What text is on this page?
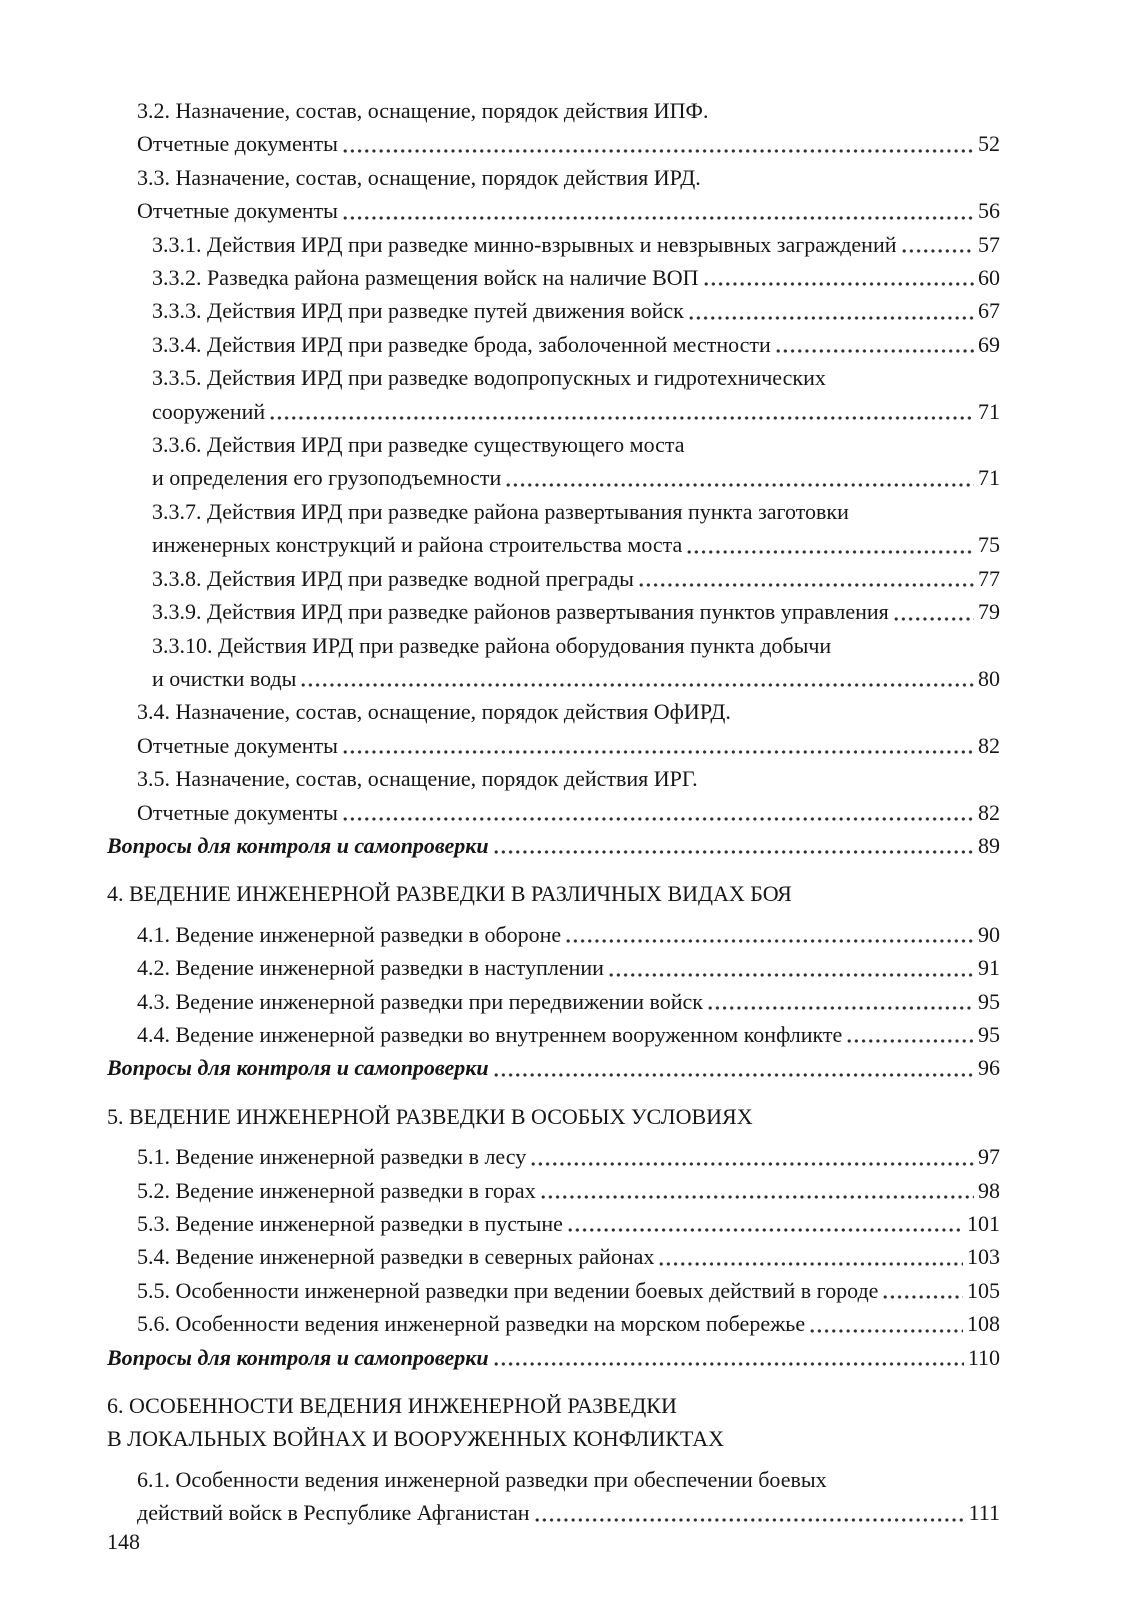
3.2. Назначение, состав, оснащение, порядок действия ИПФ.
Отчетные документы	52
3.3. Назначение, состав, оснащение, порядок действия ИРД.
Отчетные документы	56
3.3.1. Действия ИРД при разведке минно-взрывных и невзрывных заграждений	57
3.3.2. Разведка района размещения войск на наличие ВОП	60
3.3.3. Действия ИРД при разведке путей движения войск	67
3.3.4. Действия ИРД при разведке брода, заболоченной местности	69
3.3.5. Действия ИРД при разведке водопропускных и гидротехнических
сооружений	71
3.3.6. Действия ИРД при разведке существующего моста
и определения его грузоподъемности	71
3.3.7. Действия ИРД при разведке района развертывания пункта заготовки
инженерных конструкций и района строительства моста	75
3.3.8. Действия ИРД при разведке водной преграды	77
3.3.9. Действия ИРД при разведке районов развертывания пунктов управления	79
3.3.10. Действия ИРД при разведке района оборудования пункта добычи
и очистки воды	80
3.4. Назначение, состав, оснащение, порядок действия ОфИРД.
Отчетные документы	82
3.5. Назначение, состав, оснащение, порядок действия ИРГ.
Отчетные документы	82
Вопросы для контроля и самопроверки	89
4. ВЕДЕНИЕ ИНЖЕНЕРНОЙ РАЗВЕДКИ В РАЗЛИЧНЫХ ВИДАХ БОЯ
4.1. Ведение инженерной разведки в обороне	90
4.2. Ведение инженерной разведки в наступлении	91
4.3. Ведение инженерной разведки при передвижении войск	95
4.4. Ведение инженерной разведки во внутреннем вооруженном конфликте	95
Вопросы для контроля и самопроверки	96
5. ВЕДЕНИЕ ИНЖЕНЕРНОЙ РАЗВЕДКИ В ОСОБЫХ УСЛОВИЯХ
5.1. Ведение инженерной разведки в лесу	97
5.2. Ведение инженерной разведки в горах	98
5.3. Ведение инженерной разведки в пустыне	101
5.4. Ведение инженерной разведки в северных районах	103
5.5. Особенности инженерной разведки при ведении боевых действий в городе	105
5.6. Особенности ведения инженерной разведки на морском побережье	108
Вопросы для контроля и самопроверки	110
6. ОСОБЕННОСТИ ВЕДЕНИЯ ИНЖЕНЕРНОЙ РАЗВЕДКИ
В ЛОКАЛЬНЫХ ВОЙНАХ И ВООРУЖЕННЫХ КОНФЛИКТАХ
6.1. Особенности ведения инженерной разведки при обеспечении боевых
действий войск в Республике Афганистан	111
148
